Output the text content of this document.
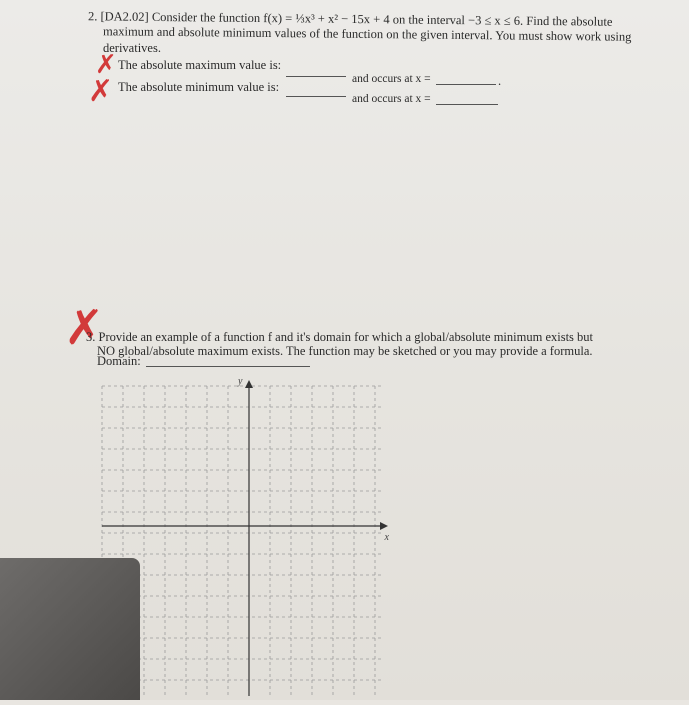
2. [DA2.02] Consider the function f(x) = ⅓x³ + x² − 15x + 4 on the interval −3 ≤ x ≤ 6. Find the absolute
maximum and absolute minimum values of the function on the given interval. You must show work using
derivatives.
✗ The absolute maximum value is:
and occurs at x =	.
✗ The absolute minimum value is:
and occurs at x =
✗
3. Provide an example of a function f and it's domain for which a global/absolute minimum exists but
NO global/absolute maximum exists. The function may be sketched or you may provide a formula.
Domain:
y
x
